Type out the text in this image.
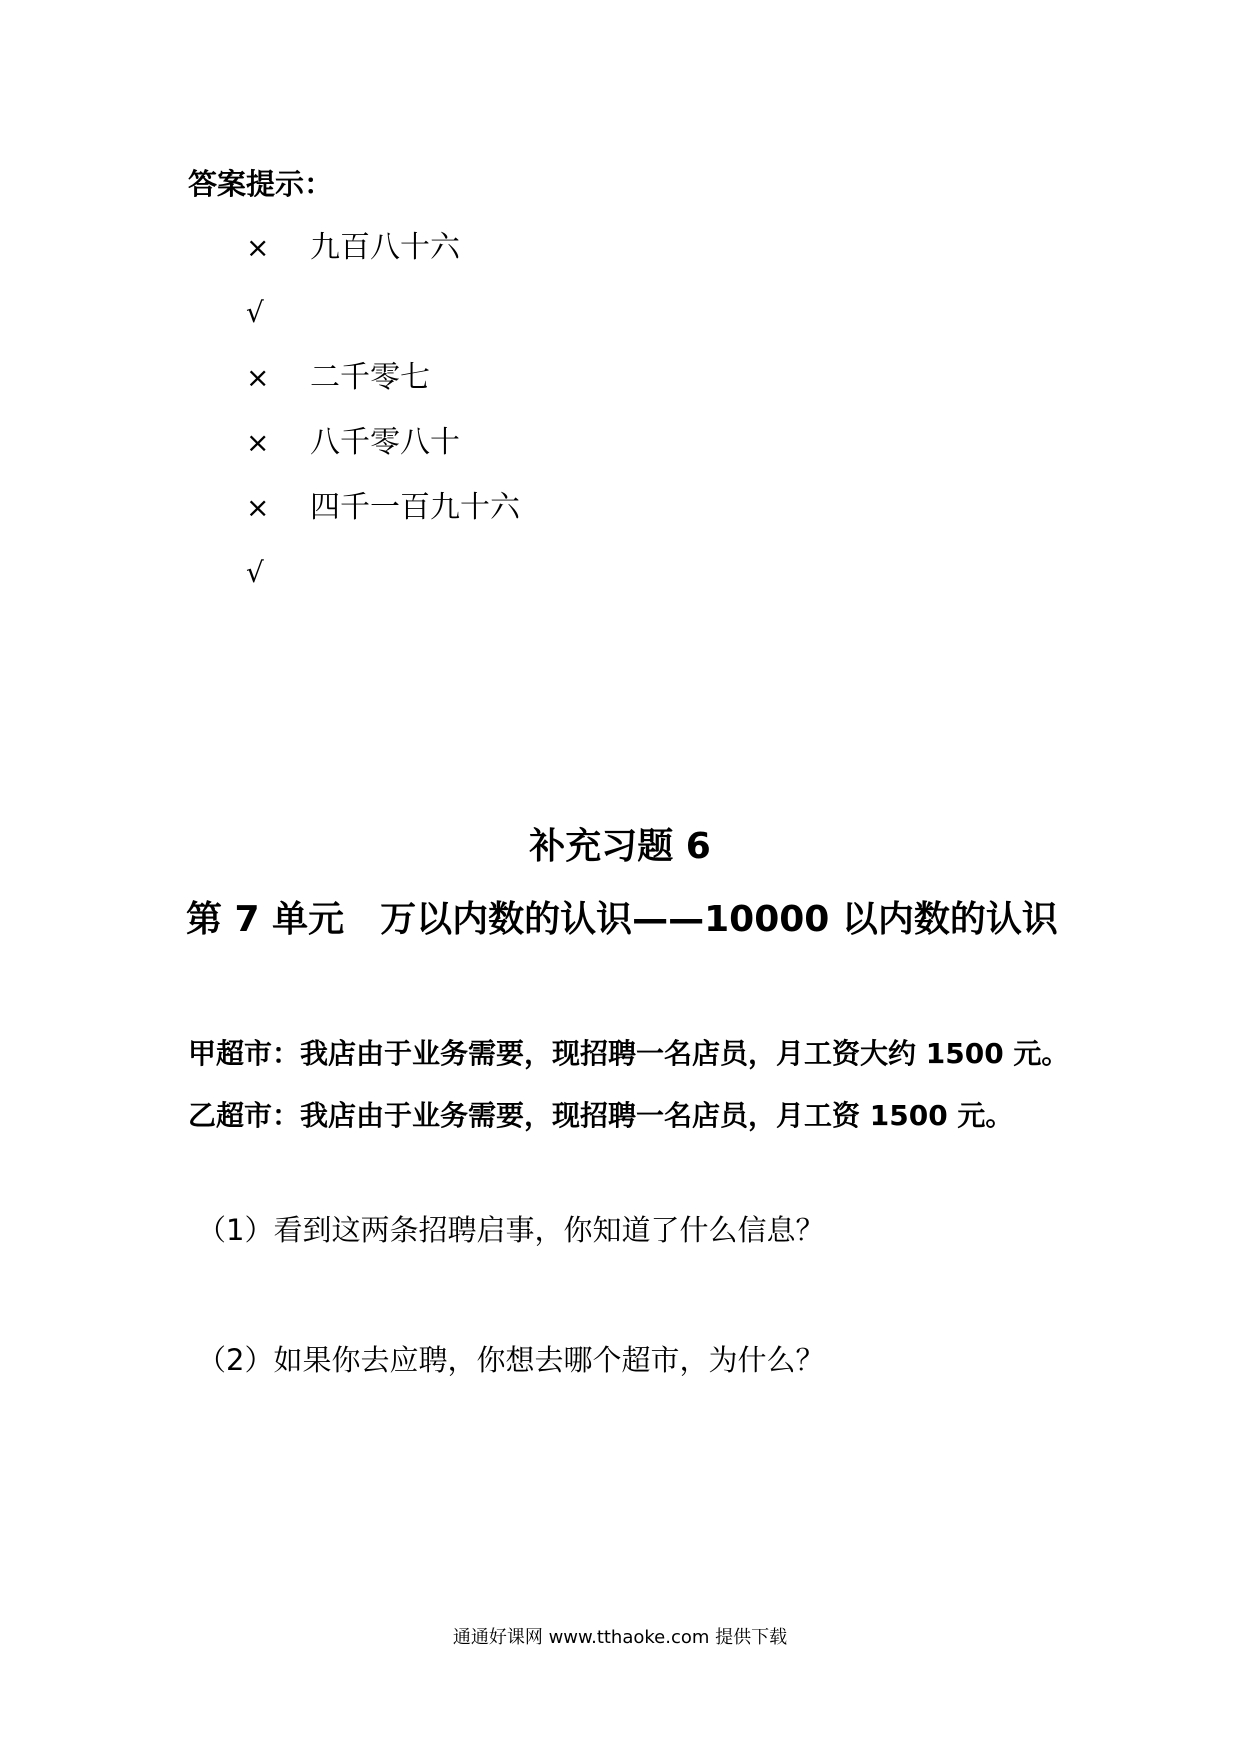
答案提示：
×	九百八十六
√
×	二千零七
×	八千零八十
×	四千一百九十六
√
补充习题 6
第 7 单元　万以内数的认识——10000 以内数的认识
甲超市：我店由于业务需要，现招聘一名店员，月工资大约 1500 元。
乙超市：我店由于业务需要，现招聘一名店员，月工资 1500 元。
（1）看到这两条招聘启事，你知道了什么信息？
（2）如果你去应聘，你想去哪个超市，为什么？
通通好课网 www.tthaoke.com 提供下载
